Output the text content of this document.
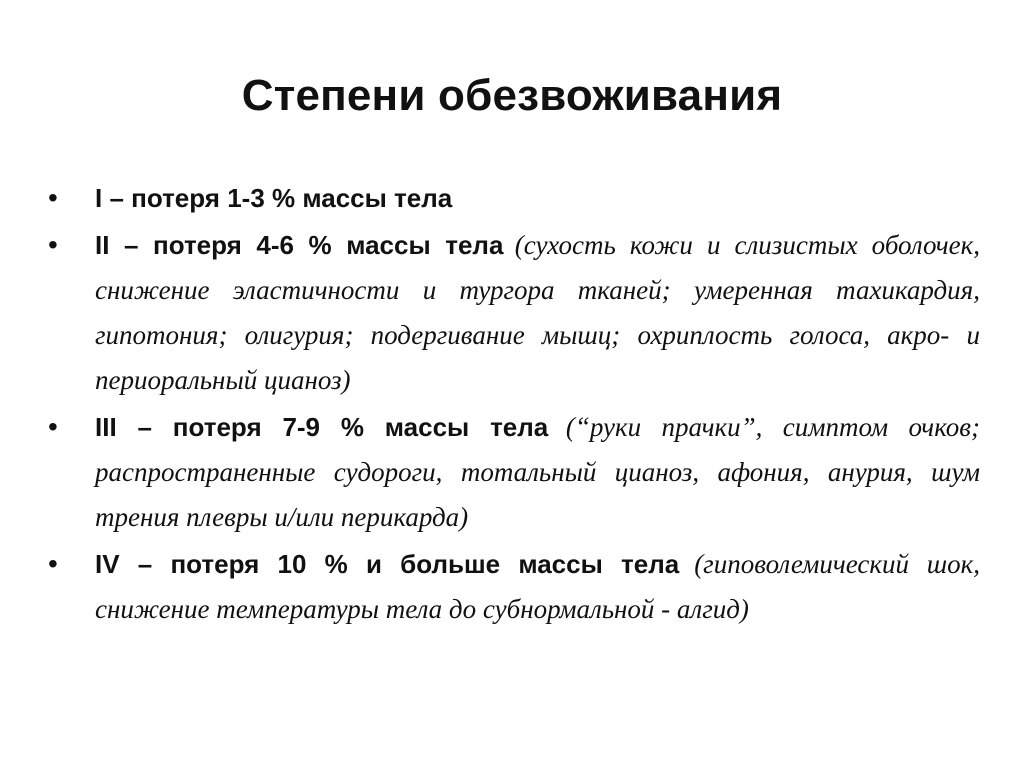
Степени обезвоживания
• I – потеря 1-3 % массы тела
• II – потеря 4-6 % массы тела (сухость кожи и слизистых оболочек, снижение эластичности и тургора тканей; умеренная тахикардия, гипотония; олигурия; подергивание мышц; охриплость голоса, акро- и периоральный цианоз)
• III – потеря 7-9 % массы тела (“руки прачки”, симптом очков; распространенные судороги, тотальный цианоз, афония, анурия, шум трения плевры и/или перикарда)
• IV – потеря 10 % и больше массы тела (гиповолемический шок, снижение температуры тела до субнормальной - алгид)
